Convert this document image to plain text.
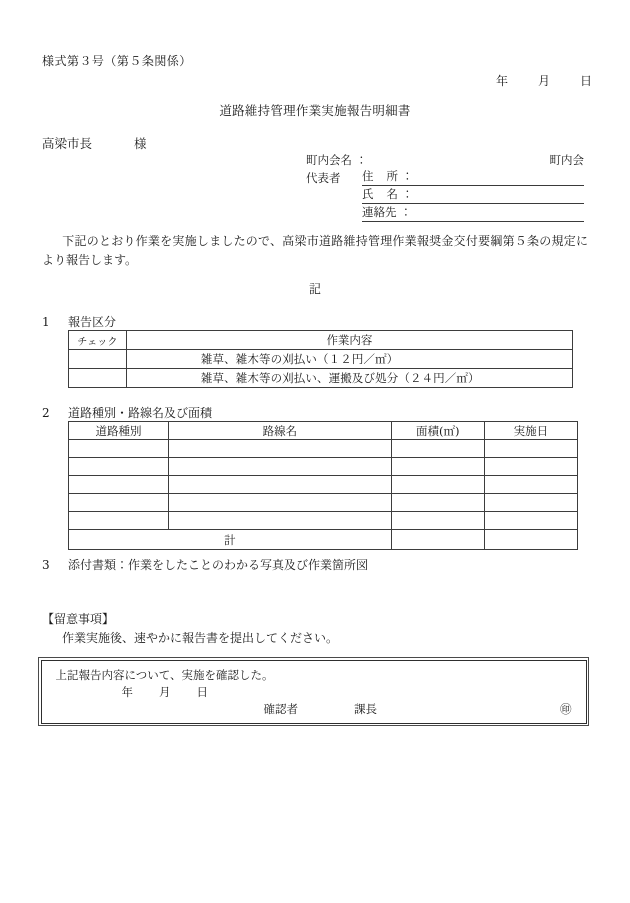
様式第３号（第５条関係）
年	月	日
道路維持管理作業実施報告明細書
高梁市長	様
町内会名 ：	町内会
代表者	住 所 ：
氏 名 ：
連絡先 ：
下記のとおり作業を実施しましたので、高梁市道路維持管理作業報奨金交付要綱第５条の規定により報告します。
記
1 報告区分
チェック	作業内容
	雑草、雑木等の刈払い（１２円／㎡）
	雑草、雑木等の刈払い、運搬及び処分（２４円／㎡）
2 道路種別・路線名及び面積
道路種別	路線名	面積(㎡)	実施日

計			
3 添付書類：作業をしたことのわかる写真及び作業箇所図
【留意事項】
作業実施後、速やかに報告書を提出してください。
上記報告内容について、実施を確認した。
年 月 日
確認者	課長	㊞
